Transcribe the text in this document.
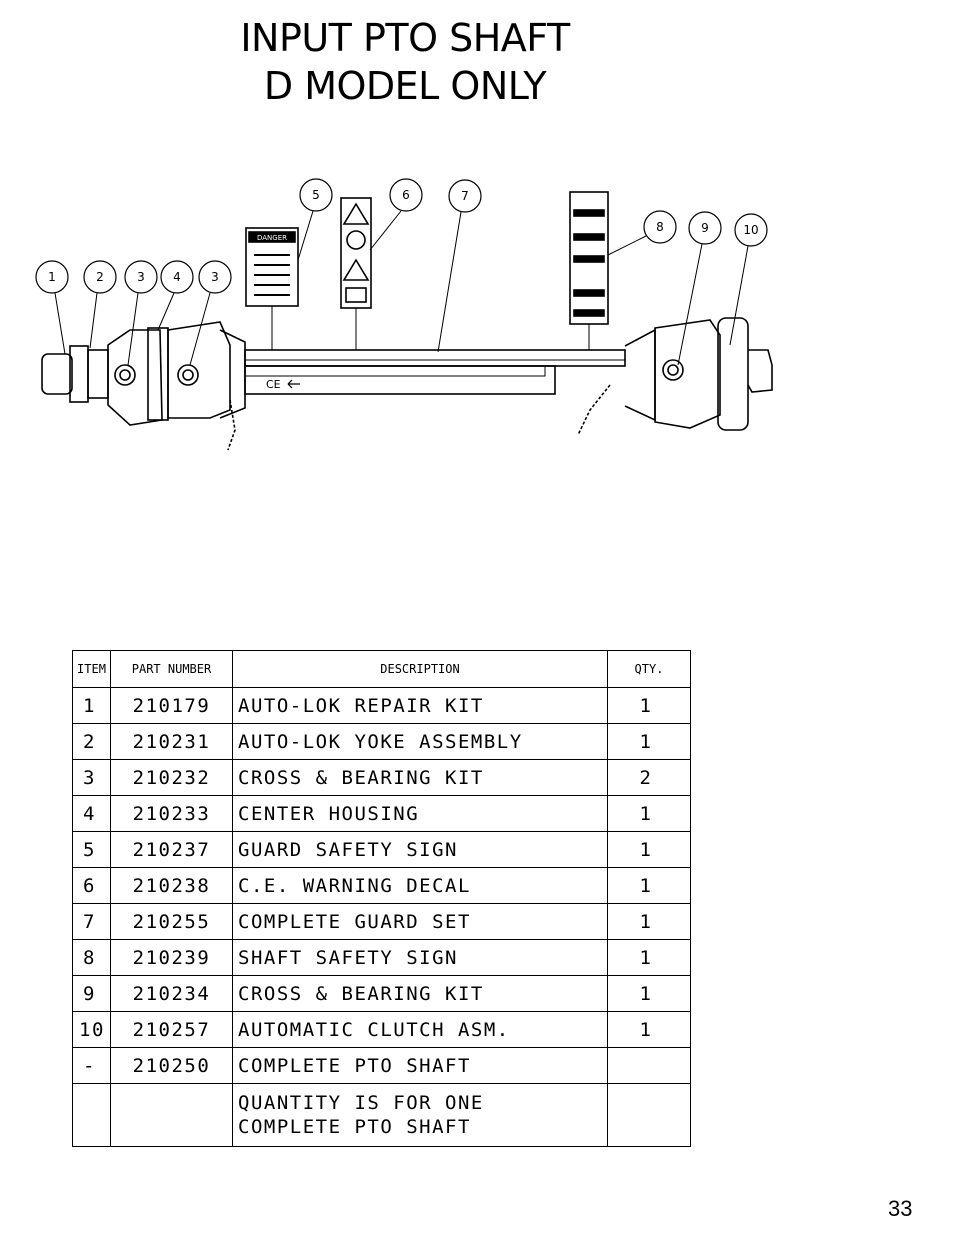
INPUT PTO SHAFT
D MODEL ONLY
CE
1	2	3 4	3
5	6	7
8	9	10
DANGER
ITEM	PART NUMBER	DESCRIPTION	QTY.
1	210179	AUTO-LOK REPAIR KIT	1
2	210231	AUTO-LOK YOKE ASSEMBLY	1
3	210232	CROSS & BEARING KIT	2
4	210233	CENTER HOUSING	1
5	210237	GUARD SAFETY SIGN	1
6	210238	C.E. WARNING DECAL	1
7	210255	COMPLETE GUARD SET	1
8	210239	SHAFT SAFETY SIGN	1
9	210234	CROSS & BEARING KIT	1
10	210257	AUTOMATIC CLUTCH ASM.	1
-	210250	COMPLETE PTO SHAFT	

		QUANTITY IS FOR ONE
COMPLETE PTO SHAFT	

33
